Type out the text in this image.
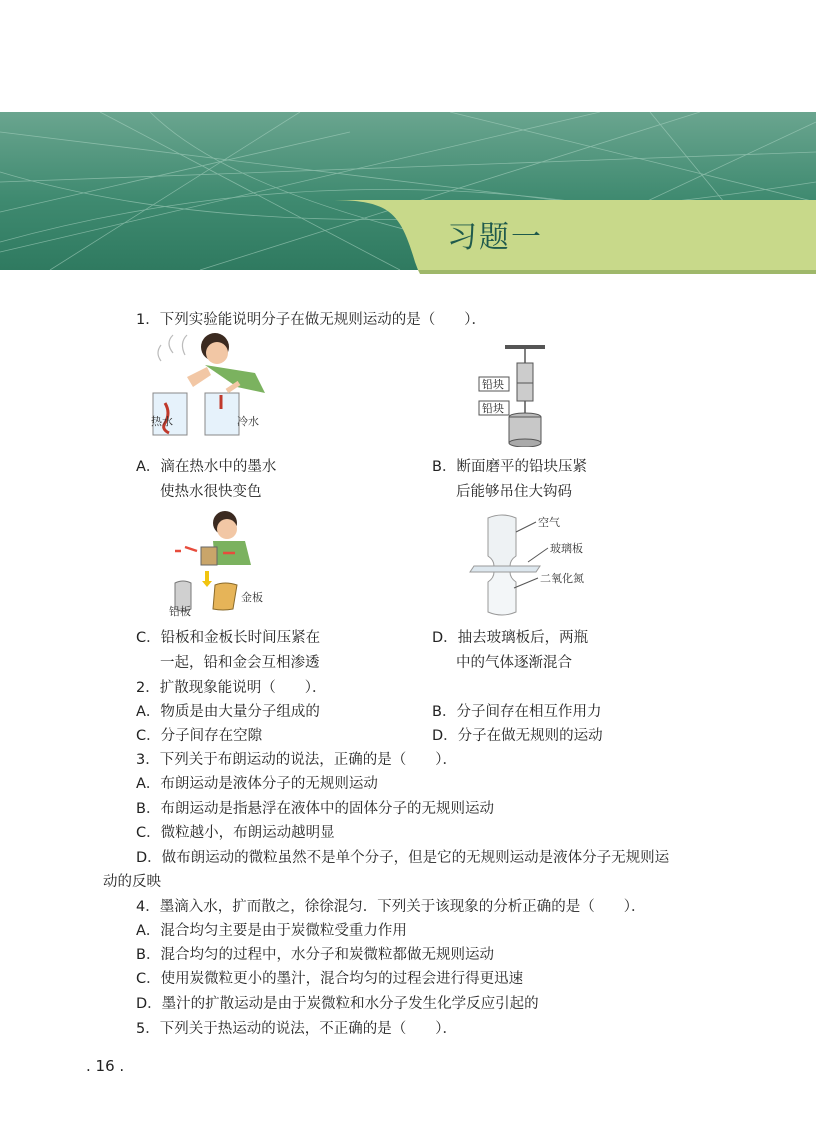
习题一
1．下列实验能说明分子在做无规则运动的是（　　）．
热水	冷水
铅块
铅块
A．滴在热水中的墨水
使热水很快变色
B．断面磨平的铅块压紧
后能够吊住大钩码
铅板
金板
空气
玻璃板
二氧化氮
C．铅板和金板长时间压紧在
一起，铅和金会互相渗透
D．抽去玻璃板后，两瓶
中的气体逐渐混合
2．扩散现象能说明（　　）．
A．物质是由大量分子组成的	B．分子间存在相互作用力
C．分子间存在空隙	D．分子在做无规则的运动
3．下列关于布朗运动的说法，正确的是（　　）．
A．布朗运动是液体分子的无规则运动
B．布朗运动是指悬浮在液体中的固体分子的无规则运动
C．微粒越小，布朗运动越明显
D．做布朗运动的微粒虽然不是单个分子，但是它的无规则运动是液体分子无规则运
动的反映
4．墨滴入水，扩而散之，徐徐混匀．下列关于该现象的分析正确的是（　　）．
A．混合均匀主要是由于炭微粒受重力作用
B．混合均匀的过程中，水分子和炭微粒都做无规则运动
C．使用炭微粒更小的墨汁，混合均匀的过程会进行得更迅速
D．墨汁的扩散运动是由于炭微粒和水分子发生化学反应引起的
5．下列关于热运动的说法，不正确的是（　　）．
. 16 .
